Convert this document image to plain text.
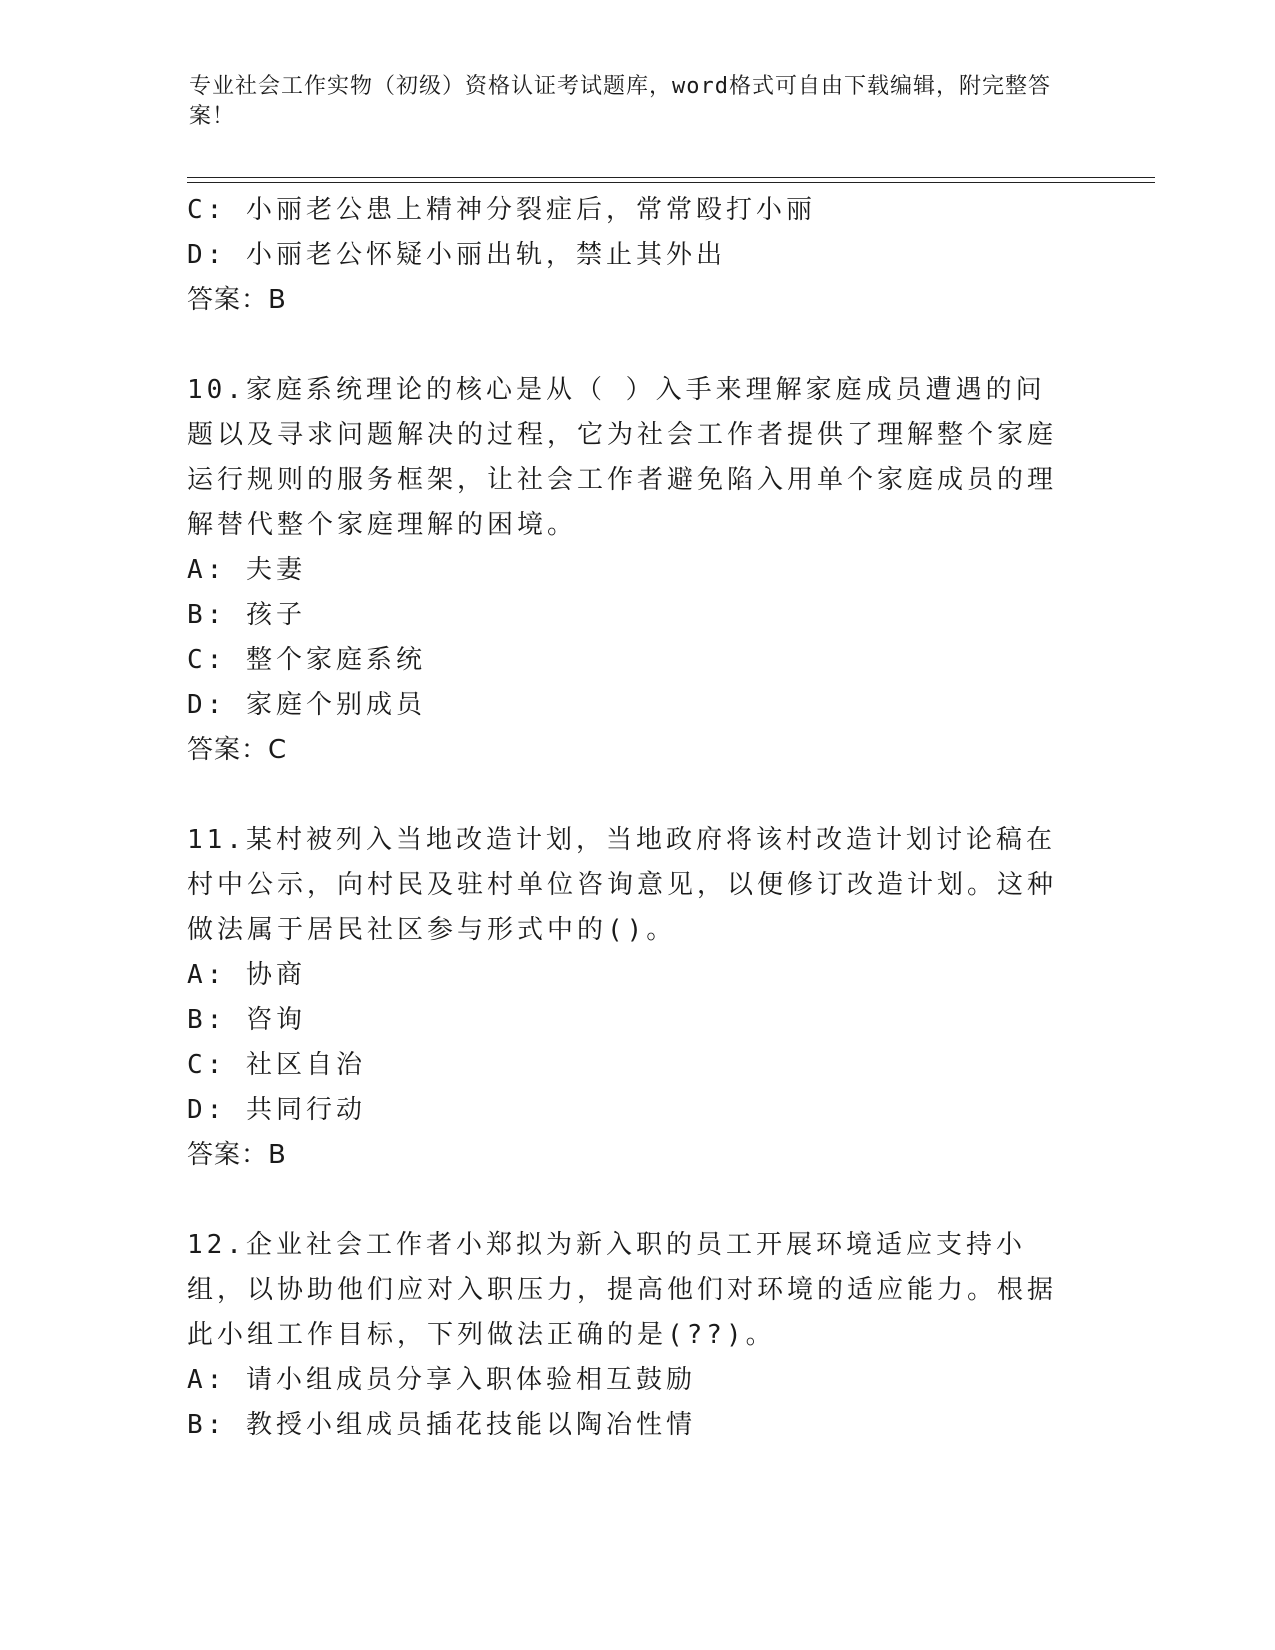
专业社会工作实物（初级）资格认证考试题库，word格式可自由下载编辑，附完整答案！
C: 小丽老公患上精神分裂症后，常常殴打小丽
D: 小丽老公怀疑小丽出轨，禁止其外出
答案：B
10.家庭系统理论的核心是从（ ）入手来理解家庭成员遭遇的问题以及寻求问题解决的过程，它为社会工作者提供了理解整个家庭运行规则的服务框架，让社会工作者避免陷入用单个家庭成员的理解替代整个家庭理解的困境。
A: 夫妻
B: 孩子
C: 整个家庭系统
D: 家庭个别成员
答案：C
11.某村被列入当地改造计划，当地政府将该村改造计划讨论稿在村中公示，向村民及驻村单位咨询意见，以便修订改造计划。这种做法属于居民社区参与形式中的()。
A: 协商
B: 咨询
C: 社区自治
D: 共同行动
答案：B
12.企业社会工作者小郑拟为新入职的员工开展环境适应支持小组，以协助他们应对入职压力，提高他们对环境的适应能力。根据此小组工作目标，下列做法正确的是(??)。
A: 请小组成员分享入职体验相互鼓励
B: 教授小组成员插花技能以陶冶性情
